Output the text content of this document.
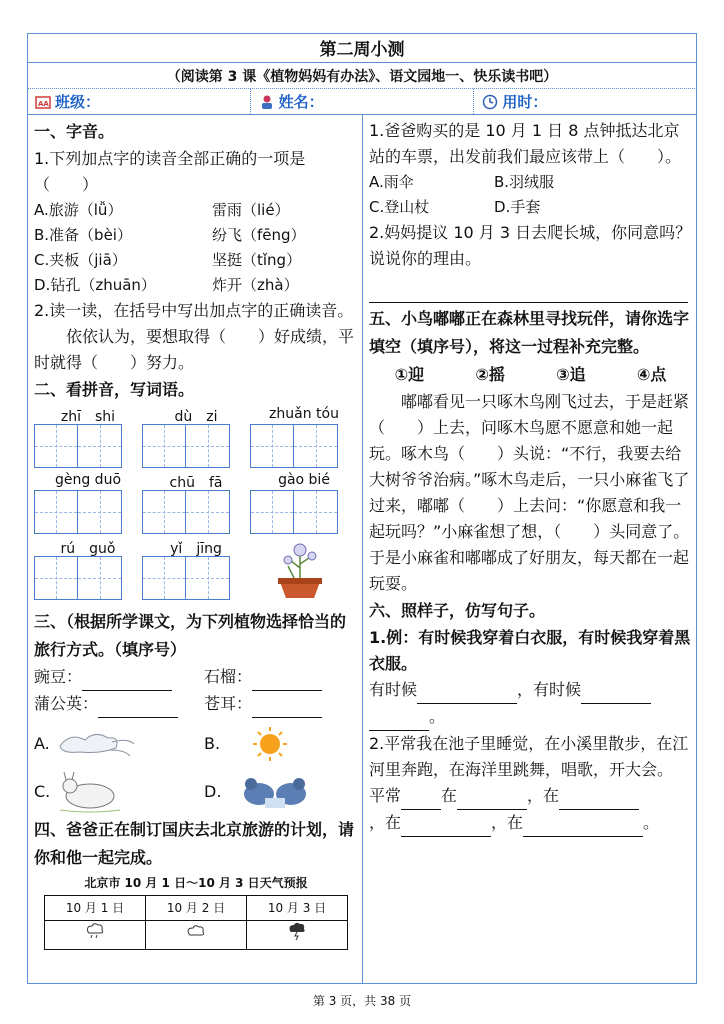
第二周小测
（阅读第 3 课《植物妈妈有办法》、语文园地一、快乐读书吧）
AA 班级：	姓名：	用时：
一、字音。
1.下列加点字的读音全部正确的一项是（　　）
A.旅游（lǚ）	雷雨（lié）
B.准备（bèi）	纷飞（fēng）
C.夹板（jiā）	坚挺（tǐng）
D.钻孔（zhuān）	炸开（zhà）
2.读一读，在括号中写出加点字的正确读音。
依依认为，要想取得（　　）好成绩，平时就得（　　）努力。
二、看拼音，写词语。
zhī　shi	dù　zi	zhuǎn tóu
gèng duō	chū　fā	gào bié
rú　guǒ	yǐ　jīng
三、（根据所学课文，为下列植物选择恰当的旅行方式。（填序号）
豌豆：	石榴：
蒲公英：	苍耳：
A.	B.
C.	D.
四、爸爸正在制订国庆去北京旅游的计划，请你和他一起完成。
北京市 10 月 1 日～10 月 3 日天气预报
10 月 1 日	10 月 2 日	10 月 3 日
1.爸爸购买的是 10 月 1 日 8 点钟抵达北京站的车票，出发前我们最应该带上（　　）。
A.雨伞	B.羽绒服
C.登山杖	D.手套
2.妈妈提议 10 月 3 日去爬长城，你同意吗？说说你的理由。
五、小鸟嘟嘟正在森林里寻找玩伴，请你选字填空（填序号），将这一过程补充完整。
①迎	②摇	③追	④点
嘟嘟看见一只啄木鸟刚飞过去，于是赶紧（　　）上去，问啄木鸟愿不愿意和她一起玩。啄木鸟（　　）头说：“不行，我要去给大树爷爷治病。”啄木鸟走后，一只小麻雀飞了过来，嘟嘟（　　）上去问：“你愿意和我一起玩吗？”小麻雀想了想，（　　）头同意了。于是小麻雀和嘟嘟成了好朋友，每天都在一起玩耍。
六、照样子，仿写句子。
1.例：有时候我穿着白衣服，有时候我穿着黑衣服。
有时候	，有时候
。
2.平常我在池子里睡觉，在小溪里散步，在江河里奔跑，在海洋里跳舞，唱歌，开大会。
平常	在	，在
，在	，在	。
第 3 页，共 38 页
